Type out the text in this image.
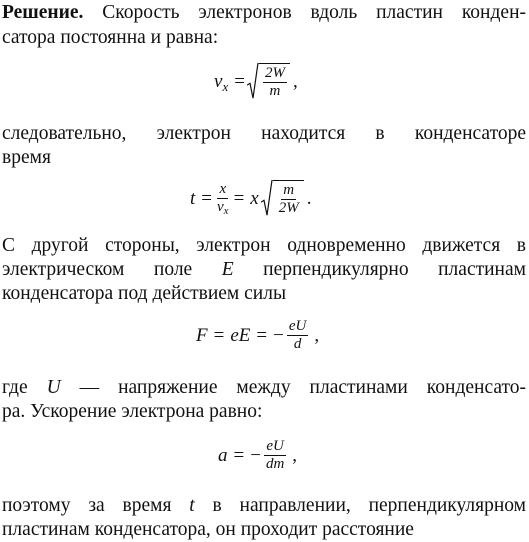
Решение. Скорость электронов вдоль пластин конден-
сатора постоянна и равна:
v $x = \frac{2W}{m}$ ,
следовательно, электрон находится в конденсаторе
время
$t = \frac{x}{v_x} = x \frac{m}{2W}$ .
С другой стороны, электрон одновременно движется в
электрическом поле E перпендикулярно пластинам
конденсатора под действием силы
F = eE = − $\frac{eU}{d}$ ,
где U — напряжение между пластинами конденсато-
ра. Ускорение электрона равно:
a = − $\frac{eU}{dm}$ ,
поэтому за время t в направлении, перпендикулярном
пластинам конденсатора, он проходит расстояние
